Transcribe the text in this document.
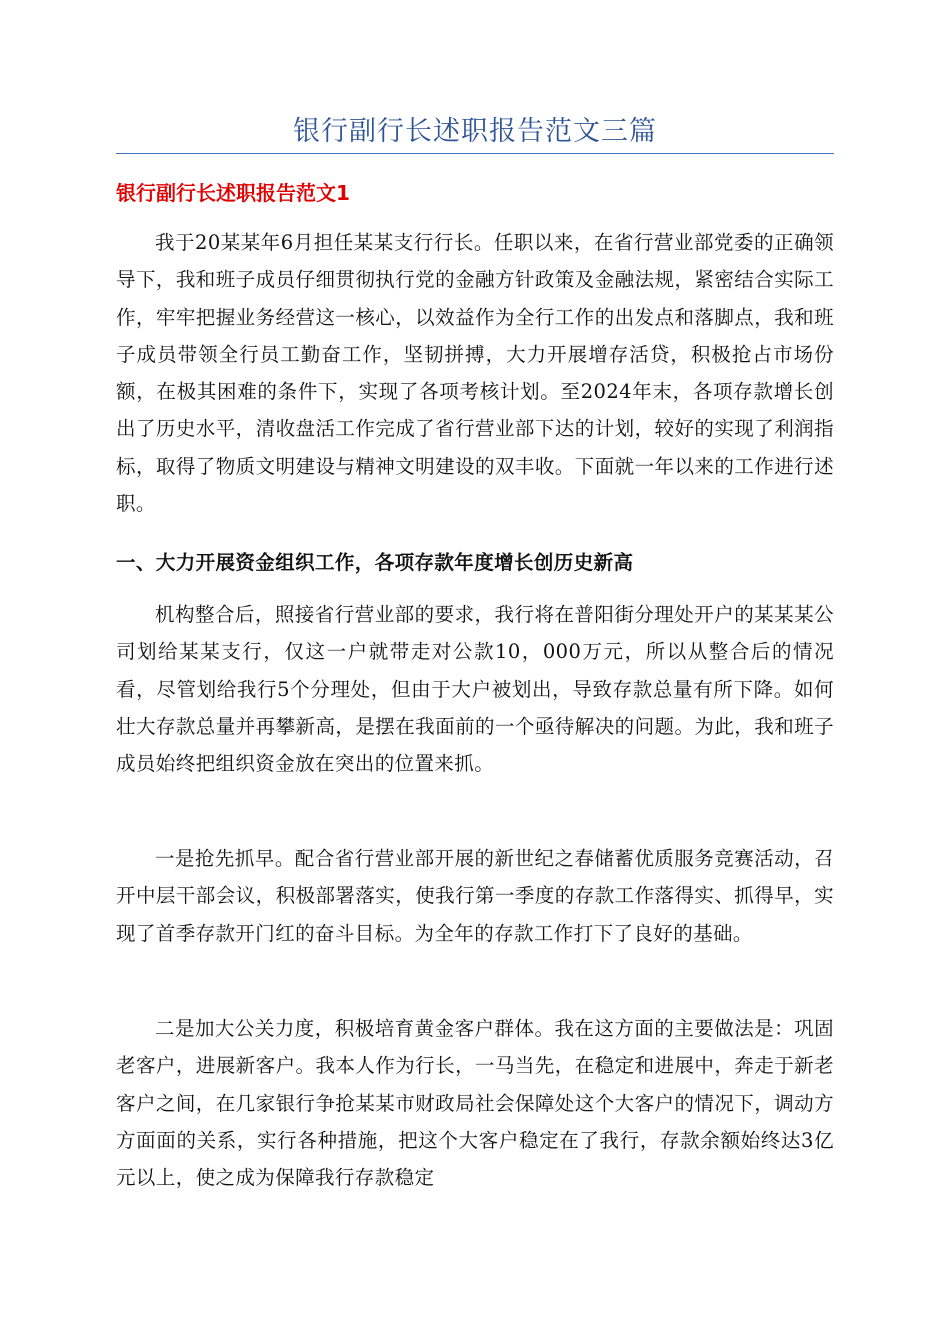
银行副行长述职报告范文三篇
银行副行长述职报告范文1

我于20某某年6月担任某某支行行长。任职以来，在省行营业部党委的正确领导下，我和班子成员仔细贯彻执行党的金融方针政策及金融法规，紧密结合实际工作，牢牢把握业务经营这一核心，以效益作为全行工作的出发点和落脚点，我和班子成员带领全行员工勤奋工作，坚韧拼搏，大力开展增存活贷，积极抢占市场份额，在极其困难的条件下，实现了各项考核计划。至2024年末，各项存款增长创出了历史水平，清收盘活工作完成了省行营业部下达的计划，较好的实现了利润指标，取得了物质文明建设与精神文明建设的双丰收。下面就一年以来的工作进行述职。

一、大力开展资金组织工作，各项存款年度增长创历史新高

机构整合后，照接省行营业部的要求，我行将在普阳街分理处开户的某某某公司划给某某支行，仅这一户就带走对公款10，000万元，所以从整合后的情况看，尽管划给我行5个分理处，但由于大户被划出，导致存款总量有所下降。如何壮大存款总量并再攀新高，是摆在我面前的一个亟待解决的问题。为此，我和班子成员始终把组织资金放在突出的位置来抓。

一是抢先抓早。配合省行营业部开展的新世纪之春储蓄优质服务竞赛活动，召开中层干部会议，积极部署落实，使我行第一季度的存款工作落得实、抓得早，实现了首季存款开门红的奋斗目标。为全年的存款工作打下了良好的基础。

二是加大公关力度，积极培育黄金客户群体。我在这方面的主要做法是：巩固老客户，进展新客户。我本人作为行长，一马当先，在稳定和进展中，奔走于新老客户之间，在几家银行争抢某某市财政局社会保障处这个大客户的情况下，调动方方面面的关系，实行各种措施，把这个大客户稳定在了我行，存款余额始终达3亿元以上，使之成为保障我行存款稳定
